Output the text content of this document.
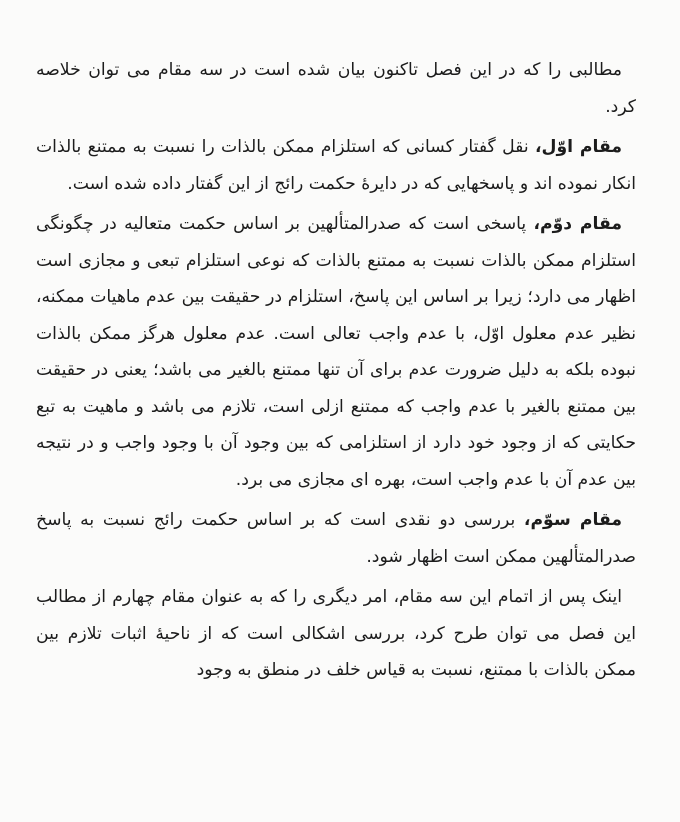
مطالبی را که در این فصل تاکنون بیان شده است در سه مقام می توان خلاصه کرد.

مقام اوّل، نقل گفتار کسانی که استلزام ممکن بالذات را نسبت به ممتنع بالذات انکار نموده اند و پاسخهایی که در دایرهٔ حکمت رائج از این گفتار داده شده است.

مقام دوّم، پاسخی است که صدرالمتألهین بر اساس حکمت متعالیه در چگونگی استلزام ممکن بالذات نسبت به ممتنع بالذات که نوعی استلزام تبعی و مجازی است اظهار می دارد؛ زیرا بر اساس این پاسخ، استلزام در حقیقت بین عدم ماهیات ممکنه، نظیر عدم معلول اوّل، با عدم واجب تعالی است. عدم معلول هرگز ممکن بالذات نبوده بلکه به دلیل ضرورت عدم برای آن تنها ممتنع بالغیر می باشد؛ یعنی در حقیقت بین ممتنع بالغیر با عدم واجب که ممتنع ازلی است، تلازم می باشد و ماهیت به تبع حکایتی که از وجود خود دارد از استلزامی که بین وجود آن با وجود واجب و در نتیجه بین عدم آن با عدم واجب است، بهره ای مجازی می برد.

مقام سوّم، بررسی دو نقدی است که بر اساس حکمت رائج نسبت به پاسخ صدرالمتألهین ممکن است اظهار شود.

اینک پس از اتمام این سه مقام، امر دیگری را که به عنوان مقام چهارم از مطالب این فصل می توان طرح کرد، بررسی اشکالی است که از ناحیهٔ اثبات تلازم بین ممکن بالذات با ممتنع، نسبت به قیاس خلف در منطق به وجود
